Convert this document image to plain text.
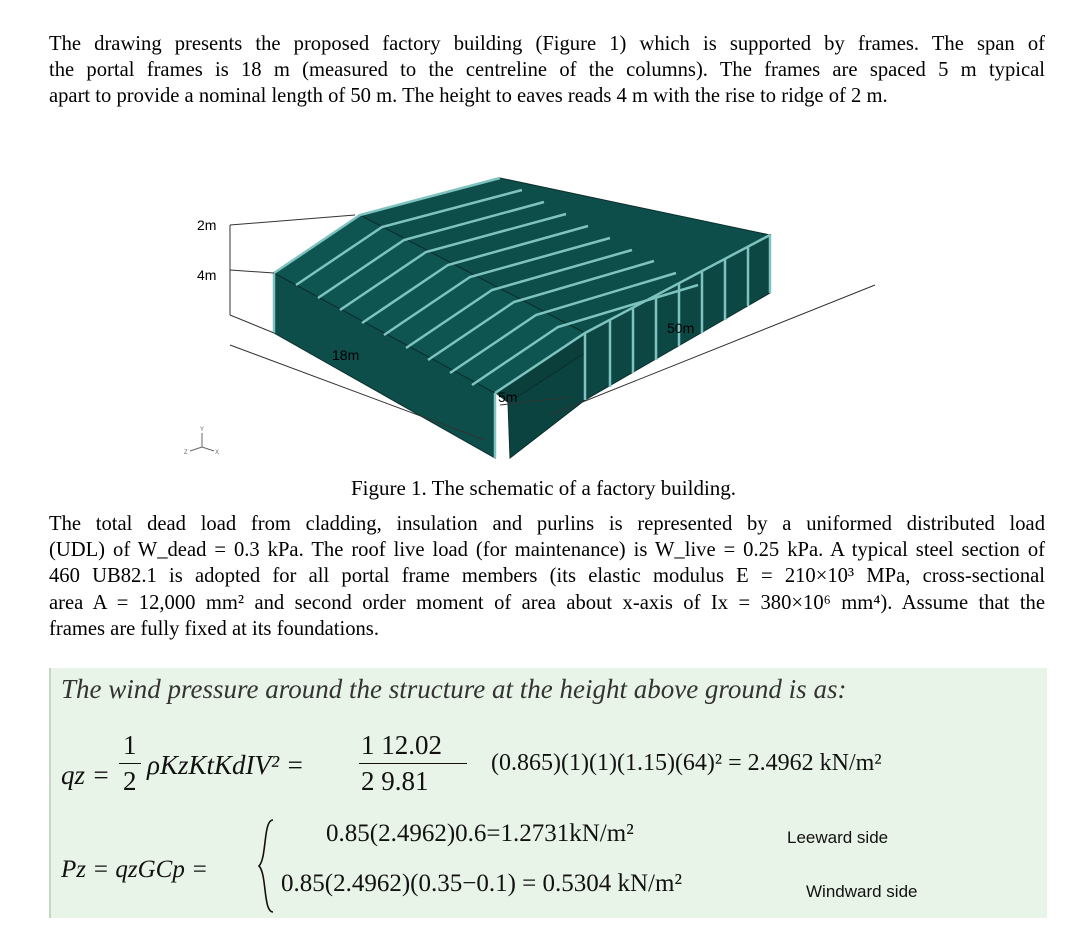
The drawing presents the proposed factory building (Figure 1) which is supported by frames. The span of
the portal frames is 18 m (measured to the centreline of the columns). The frames are spaced 5 m typical
apart to provide a nominal length of 50 m. The height to eaves reads 4 m with the rise to ridge of 2 m.
2m
4m
18m
50m
5m
Y
X
Z
Figure 1. The schematic of a factory building.
The total dead load from cladding, insulation and purlins is represented by a uniformed distributed load
(UDL) of W_dead = 0.3 kPa. The roof live load (for maintenance) is W_live = 0.25 kPa. A typical steel section of
460 UB82.1 is adopted for all portal frame members (its elastic modulus E = 210×10³ MPa, cross-sectional
area A = 12,000 mm² and second order moment of area about x-axis of Ix = 380×10⁶ mm⁴). Assume that the
frames are fully fixed at its foundations.
The wind pressure around the structure at the height above ground is as:
qz =
1
2
ρKzKtKdIV² =
1 12.02
2 9.81
(0.865)(1)(1)(1.15)(64)² = 2.4962 kN/m²
Pz = qzGCp =
0.85(2.4962)0.6=1.2731kN/m²	Leeward side
0.85(2.4962)(0.35−0.1) = 0.5304 kN/m²	Windward side
